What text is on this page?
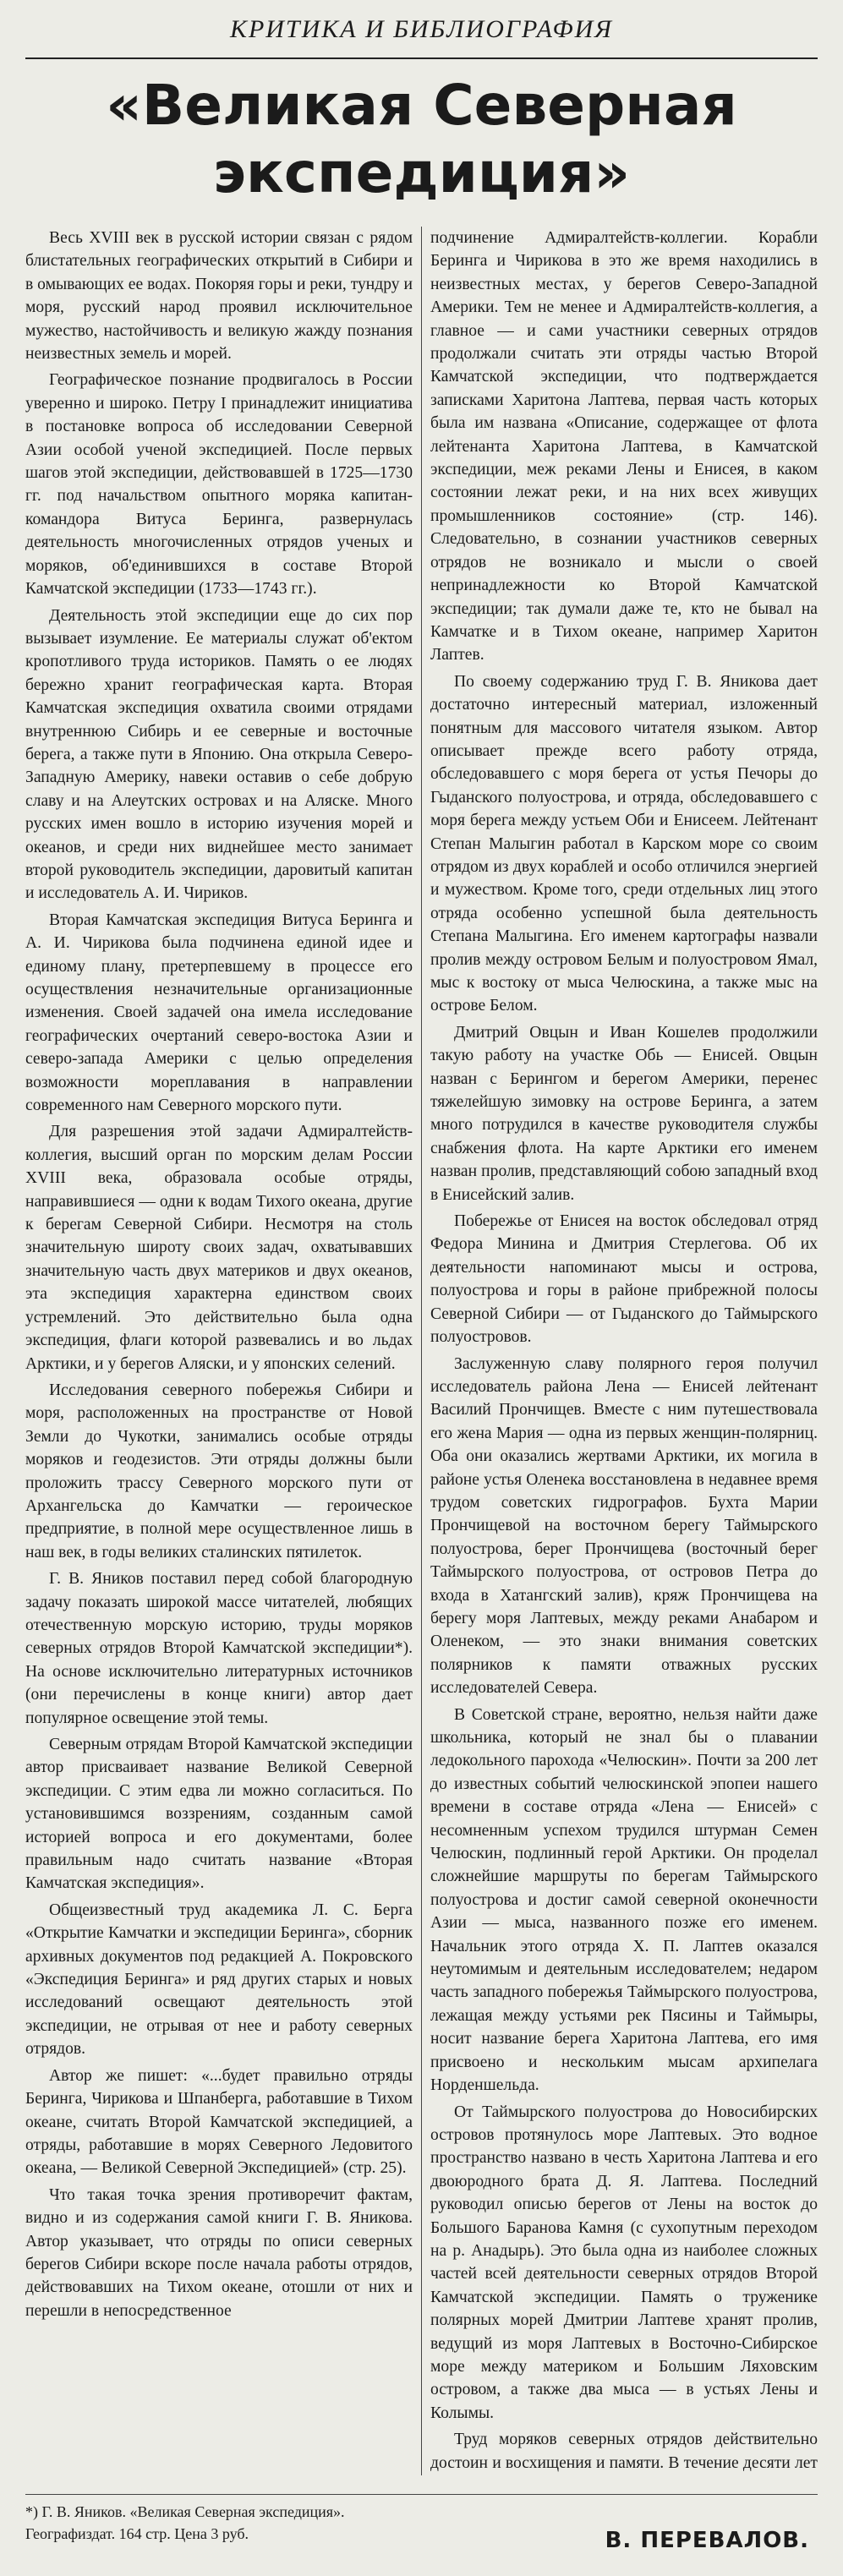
КРИТИКА И БИБЛИОГРАФИЯ
«Великая Северная
экспедиция»

Весь XVIII век в русской истории связан с рядом блистательных географических открытий в Сибири и в омывающих ее водах. Покоряя горы и реки, тундру и моря, русский народ проявил исключительное мужество, настойчивость и великую жажду познания неизвестных земель и морей.

Географическое познание продвигалось в России уверенно и широко. Петру I принадлежит инициатива в постановке вопроса об исследовании Северной Азии особой ученой экспедицией. После первых шагов этой экспедиции, действовавшей в 1725—1730 гг. под начальством опытного моряка капитан-командора Витуса Беринга, развернулась деятельность многочисленных отрядов ученых и моряков, об'единившихся в составе Второй Камчатской экспедиции (1733—1743 гг.).

Деятельность этой экспедиции еще до сих пор вызывает изумление. Ее материалы служат об'ектом кропотливого труда историков. Память о ее людях бережно хранит географическая карта. Вторая Камчатская экспедиция охватила своими отрядами внутреннюю Сибирь и ее северные и восточные берега, а также пути в Японию. Она открыла Северо-Западную Америку, навеки оставив о себе добрую славу и на Алеутских островах и на Аляске. Много русских имен вошло в историю изучения морей и океанов, и среди них виднейшее место занимает второй руководитель экспедиции, даровитый капитан и исследователь А. И. Чириков.

Вторая Камчатская экспедиция Витуса Беринга и А. И. Чирикова была подчинена единой идее и единому плану, претерпевшему в процессе его осуществления незначительные организационные изменения. Своей задачей она имела исследование географических очертаний северо-востока Азии и северо-запада Америки с целью определения возможности мореплавания в направлении современного нам Северного морского пути.

Для разрешения этой задачи Адмиралтейств-коллегия, высший орган по морским делам России XVIII века, образовала особые отряды, направившиеся — одни к водам Тихого океана, другие к берегам Северной Сибири. Несмотря на столь значительную широту своих задач, охватывавших значительную часть двух материков и двух океанов, эта экспедиция характерна единством своих устремлений. Это действительно была одна экспедиция, флаги которой развевались и во льдах Арктики, и у берегов Аляски, и у японских селений.

Исследования северного побережья Сибири и моря, расположенных на пространстве от Новой Земли до Чукотки, занимались особые отряды моряков и геодезистов. Эти отряды должны были проложить трассу Северного морского пути от Архангельска до Камчатки — героическое предприятие, в полной мере осуществленное лишь в наш век, в годы великих сталинских пятилеток.

Г. В. Яников поставил перед собой благородную задачу показать широкой массе читателей, любящих отечественную морскую историю, труды моряков северных отрядов Второй Камчатской экспедиции*). На основе исключительно литературных источников (они перечислены в конце книги) автор дает популярное освещение этой темы.

Северным отрядам Второй Камчатской экспедиции автор присваивает название Великой Северной экспедиции. С этим едва ли можно согласиться. По установившимся воззрениям, созданным самой историей вопроса и его документами, более правильным надо считать название «Вторая Камчатская экспедиция».

Общеизвестный труд академика Л. С. Берга «Открытие Камчатки и экспедиции Беринга», сборник архивных документов под редакцией А. Покровского «Экспедиция Беринга» и ряд других старых и новых исследований освещают деятельность этой экспедиции, не отрывая от нее и работу северных отрядов.

Автор же пишет: «...будет правильно отряды Беринга, Чирикова и Шпанберга, работавшие в Тихом океане, считать Второй Камчатской экспедицией, а отряды, работавшие в морях Северного Ледовитого океана, — Великой Северной Экспедицией» (стр. 25).

Что такая точка зрения противоречит фактам, видно и из содержания самой книги Г. В. Яникова. Автор указывает, что отряды по описи северных берегов Сибири вскоре после начала работы отрядов, действовавших на Тихом океане, отошли от них и перешли в непосредственное

подчинение Адмиралтейств-коллегии. Корабли Беринга и Чирикова в это же время находились в неизвестных местах, у берегов Северо-Западной Америки. Тем не менее и Адмиралтейств-коллегия, а главное — и сами участники северных отрядов продолжали считать эти отряды частью Второй Камчатской экспедиции, что подтверждается записками Харитона Лаптева, первая часть которых была им названа «Описание, содержащее от флота лейтенанта Харитона Лаптева, в Камчатской экспедиции, меж реками Лены и Енисея, в каком состоянии лежат реки, и на них всех живущих промышленников состояние» (стр. 146). Следовательно, в сознании участников северных отрядов не возникало и мысли о своей непринадлежности ко Второй Камчатской экспедиции; так думали даже те, кто не бывал на Камчатке и в Тихом океане, например Харитон Лаптев.

По своему содержанию труд Г. В. Яникова дает достаточно интересный материал, изложенный понятным для массового читателя языком. Автор описывает прежде всего работу отряда, обследовавшего с моря берега от устья Печоры до Гыданского полуострова, и отряда, обследовавшего с моря берега между устьем Оби и Енисеем. Лейтенант Степан Малыгин работал в Карском море со своим отрядом из двух кораблей и особо отличился энергией и мужеством. Кроме того, среди отдельных лиц этого отряда особенно успешной была деятельность Степана Малыгина. Его именем картографы назвали пролив между островом Белым и полуостровом Ямал, мыс к востоку от мыса Челюскина, а также мыс на острове Белом.

Дмитрий Овцын и Иван Кошелев продолжили такую работу на участке Обь — Енисей. Овцын назван с Берингом и берегом Америки, перенес тяжелейшую зимовку на острове Беринга, а затем много потрудился в качестве руководителя службы снабжения флота. На карте Арктики его именем назван пролив, представляющий собою западный вход в Енисейский залив.

Побережье от Енисея на восток обследовал отряд Федора Минина и Дмитрия Стерлегова. Об их деятельности напоминают мысы и острова, полуострова и горы в районе прибрежной полосы Северной Сибири — от Гыданского до Таймырского полуостровов.

Заслуженную славу полярного героя получил исследователь района Лена — Енисей лейтенант Василий Прончищев. Вместе с ним путешествовала его жена Мария — одна из первых женщин-полярниц. Оба они оказались жертвами Арктики, их могила в районе устья Оленека восстановлена в недавнее время трудом советских гидрографов. Бухта Марии Прончищевой на восточном берегу Таймырского полуострова, берег Прончищева (восточный берег Таймырского полуострова, от островов Петра до входа в Хатангский залив), кряж Прончищева на берегу моря Лаптевых, между реками Анабаром и Оленеком, — это знаки внимания советских полярников к памяти отважных русских исследователей Севера.

В Советской стране, вероятно, нельзя найти даже школьника, который не знал бы о плавании ледокольного парохода «Челюскин». Почти за 200 лет до известных событий челюскинской эпопеи нашего времени в составе отряда «Лена — Енисей» с несомненным успехом трудился штурман Семен Челюскин, подлинный герой Арктики. Он проделал сложнейшие маршруты по берегам Таймырского полуострова и достиг самой северной оконечности Азии — мыса, названного позже его именем. Начальник этого отряда Х. П. Лаптев оказался неутомимым и деятельным исследователем; недаром часть западного побережья Таймырского полуострова, лежащая между устьями рек Пясины и Таймыры, носит название берега Харитона Лаптева, его имя присвоено и нескольким мысам архипелага Норденшельда.

От Таймырского полуострова до Новосибирских островов протянулось море Лаптевых. Это водное пространство названо в честь Харитона Лаптева и его двоюродного брата Д. Я. Лаптева. Последний руководил описью берегов от Лены на восток до Большого Баранова Камня (с сухопутным переходом на р. Анадырь). Это была одна из наиболее сложных частей всей деятельности северных отрядов Второй Камчатской экспедиции. Память о труженике полярных морей Дмитрии Лаптеве хранят пролив, ведущий из моря Лаптевых в Восточно-Сибирское море между материком и Большим Ляховским островом, а также два мыса — в устьях Лены и Колымы.

Труд моряков северных отрядов действительно достоин и восхищения и памяти. В течение десяти лет

*) Г. В. Яников. «Великая Северная экспедиция». Географиздат. 164 стр. Цена 3 руб.	В. ПЕРЕВАЛОВ.
